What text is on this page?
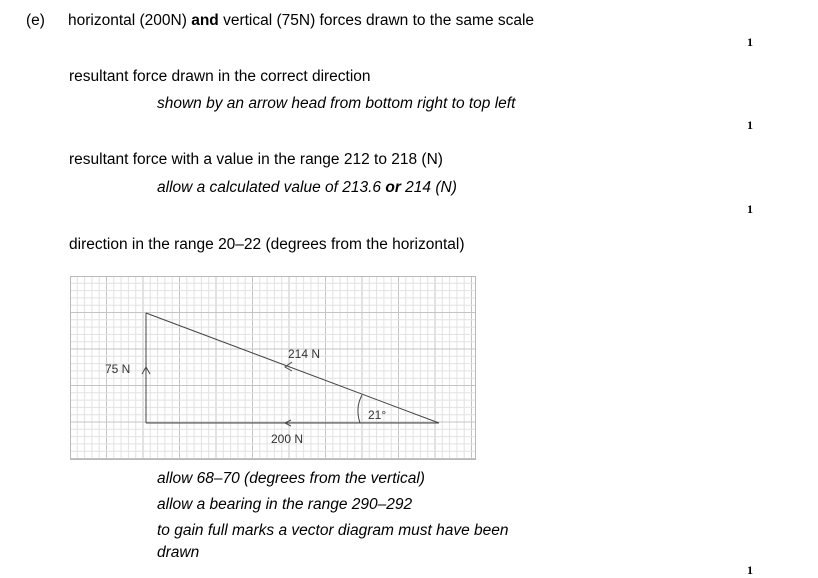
(e) horizontal (200N) and vertical (75N) forces drawn to the same scale
1
resultant force drawn in the correct direction
shown by an arrow head from bottom right to top left
1
resultant force with a value in the range 212 to 218 (N)
allow a calculated value of 213.6 or 214 (N)
1
direction in the range 20–22 (degrees from the horizontal)
75 N
214 N
21°
200 N
allow 68–70 (degrees from the vertical)
allow a bearing in the range 290–292
to gain full marks a vector diagram must have been
drawn
1
